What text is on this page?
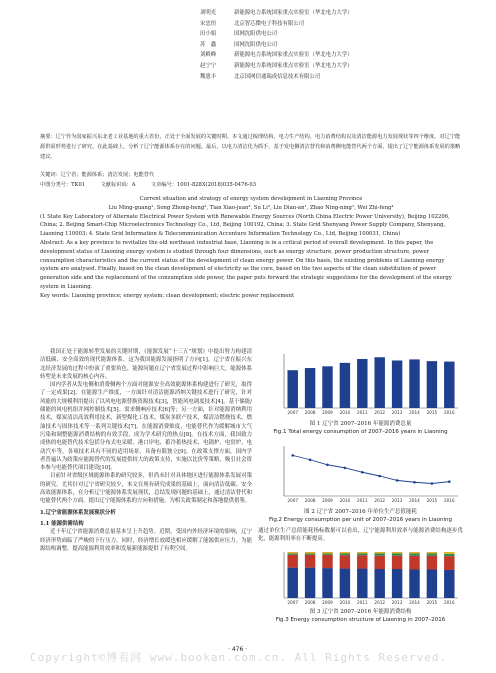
刘明光	新能源电力系统国家重点实验室（华北电力大学）
宋忠恒	北京智芯微电子科技有限公司
田小娟	国网沈阳供电公司
苏　鑫	国网沈阳供电公司
刘殿峰	新能源电力系统国家重点实验室（华北电力大学）
赵宁宁	新能源电力系统国家重点实验室（华北电力大学）
魏恩丰	北京国网信通瑞成信息技术有限公司
摘要：辽宁作为国家振兴东北老工业基地的重大省份，正处于全面发展的关键时期。本文通过梳理结构，电力生产结构、电力消费结构以及清洁能源电力发展现状等四个维度，对辽宁能源供需形势进行了研究。在此基础上，分析了辽宁能源体系存在的问题。最后，以电力清洁化为抓手，基于发电侧清洁替代和消费侧电能替代两个方面，提出了辽宁能源体系发展的策略建议。
关键词：辽宁省；能源体系；清洁发展；电能替代
中图分类号：TK01　　　文献标识码：A　　　文章编号：1001-828X(2018)035-0476-03

Current situation and strategy of energy system development in Liaoning Province

Liu Ming-guang¹, Song Zhong-heng², Tian Xiao-juan³, Su Li³, Liu Dian-an¹, Zhao Ning-ning¹, Wei Zhi-feng⁴

(1 State Key Laboratory of Alternate Electrical Power System with Renewable Energy Sources (North China Electric Power University), Beijing 102206, China; 2. Beijing Smart-Chip Microelectronics Technology Co., Ltd, Beijing 100192, China; 3. State Grid Shenyang Power Supply Company, Shenyang, Liaoning 110003; 4. State Grid Information & Telecommunication Accenture Information Technology Co., Ltd, Beijing 100031, China)

Abstract: As a key province to revitalize the old northeast industrial base, Liaoning is in a critical period of overall development. In this paper, the development status of Liaoning energy system is studied through four dimensions, such as energy structure, power production structure, power consumption characteristics and the current status of the development of clean energy power. On this basis, the existing problems of Liaoning energy system are analysed. Finally, based on the clean development of electricity as the core, based on the two aspects of the clean substitution of power generation side and the replacement of the consumption side power, the paper puts forward the strategic suggestions for the development of the energy system in Liaoning.

Key words: Liaoning province; energy system; clean development; electric power replacement

我国正处于能源转型发展的关键时期，《能源发展“十三五”规划》中提出努力构建清洁低碳、安全高效的现代能源体系。这为我国能源发展指明了方向[1]。辽宁省在振兴东北经济发展的过程中扮演了重要角色，能源问题在辽宁省发展过程中影响巨大，能源体系转型是未来发展的核心内容。

国内学者从发电侧和消费侧两个方面对能源安全高效能源体系构建进行了研究，取得了一定成果[2]。在能源生产维度，一方面针对清洁能源消纳关键技术进行了研究，针对风能的大规模利用提出了以风电电源替换资源技术[3]，智能风电调度技术[4]，基于储能/储能的风电机组并网控制技术[5]。需求侧响应技术[6]等；另一方面，针对能源消纳利用技术，煤炭清洁高效利用技术，新型煤化工技术，煤炭多联产技术，煤清洁燃烧技术，燃油技术与固体技术等一系列关键技术[7]。在能源消费维度，电能替代作为缓解城市大气污染和调整能源消费结构的有效手段，成为学术研究的热点[8]。在技术方面，我国致力成热的电能替代技术包括分布式电采暖、港口岸电、蓄冷蓄热技术、电锅炉、电窑炉、电动汽车等，各项技术具有不同的适用场景，具备有限独立[9]。在政策支撑方面，国内学者普遍认为政策应能源替代的发展提供较大的政策支持，实施以比价等策略，吸引社会资本参与电能替代项目建设[10]。

目前针对省级区域能源体系的研究较多，但尚未针对具体地区进行能源体系发展对策的研究。尤其针对辽宁省研究较少，本文在现有研究成果的基础上，面向清洁低碳、安全高效能源体系，在分析辽宁能源体系发展现状，总结发现问题的基础上，通过清洁替代和电能替代两个方面，提出辽宁能源体系的方向和措施。为相关政策制定和落地提供借鉴。

1.辽宁省能源体系发展现状分析

1.1 能源供需结构

近十年辽宁省能源消费总量基本呈上升趋势。近期，受国内外经济环境的影响，辽宁经济形势面临了严峻的下行压力。同时，经济增长放缓也相应缓解了能源供应压力。为能源结构调整，提高能源利用效率和发展新能源提供了有利空间。

2007 2008 2009 2010 2011 2012 2013 2014 2015 2016
图 1 辽宁省 2007–2016 年能源消费总量
Fig.1 Total energy consumption of 2007–2016 years in Liaoning
2007 2008 2009 2010 2011 2012 2013 2014 2015 2016
图 2 辽宁省 2007–2016 年单位生产总值能耗
Fig.2 Energy consumption per unit of 2007–2016 years in Liaoning
通过单位生产总值能耗指标数据可以看出，辽宁能源利用效率与能源消费结构逐步优化，能源利用率在不断提高。
2007 2008 2009 2010 2011 2012 2013 2014 2015 2016
图 3 辽宁省 2007–2016 年能源消费结构
Fig.3 Energy consumption structure of Liaoning in 2007–2016
· 476 ·
Copyright©博看网 www.bookan.com.cn. All Rights Reserved.
